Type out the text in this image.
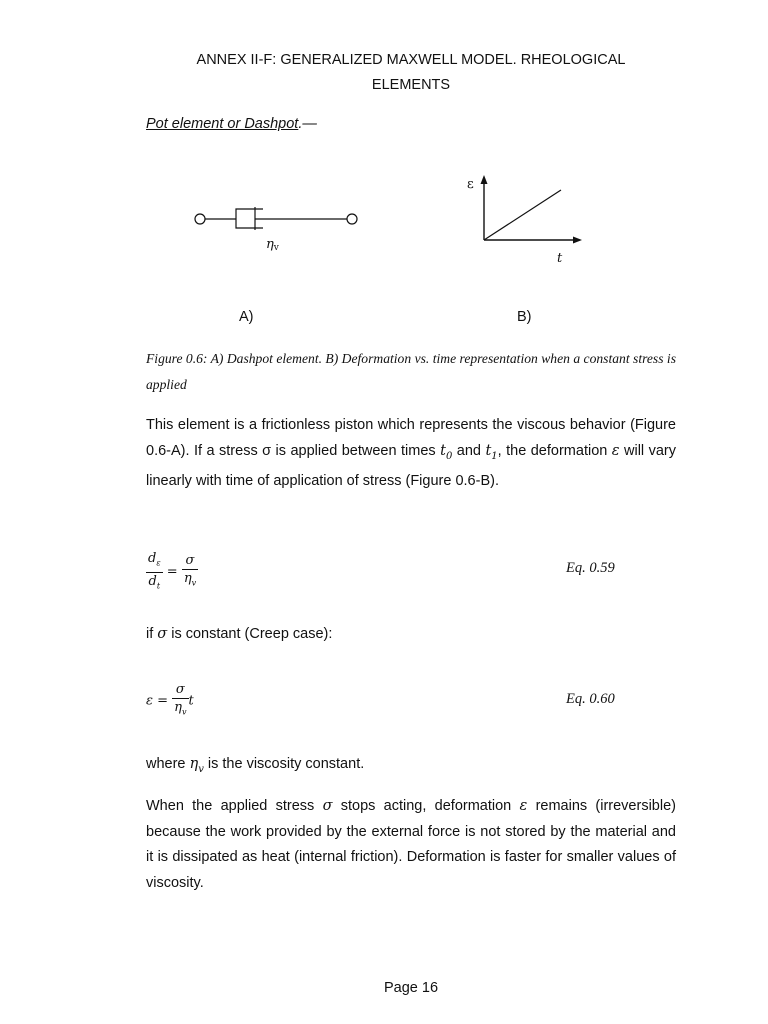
ANNEX II-F: GENERALIZED MAXWELL MODEL. RHEOLOGICAL
ELEMENTS
Pot element or Dashpot.—
ηv
ε
t
A)	B)
Figure 0.6: A) Dashpot element. B) Deformation vs. time representation when a constant stress is applied
This element is a frictionless piston which represents the viscous behavior (Figure 0.6-A). If a stress σ is applied between times $t_0$ and $t_1$, the deformation ε will vary linearly with time of application of stress (Figure 0.6-B).
$\frac{d_\varepsilon}{d_t} = \frac{\sigma}{\eta_v}$	Eq. 0.59
if σ is constant (Creep case):
$\varepsilon = \frac{\sigma}{\eta_v}$ t	Eq. 0.60
where $\eta_v$ is the viscosity constant.
When the applied stress σ stops acting, deformation ε remains (irreversible) because the work provided by the external force is not stored by the material and it is dissipated as heat (internal friction). Deformation is faster for smaller values of viscosity.
Page 16
